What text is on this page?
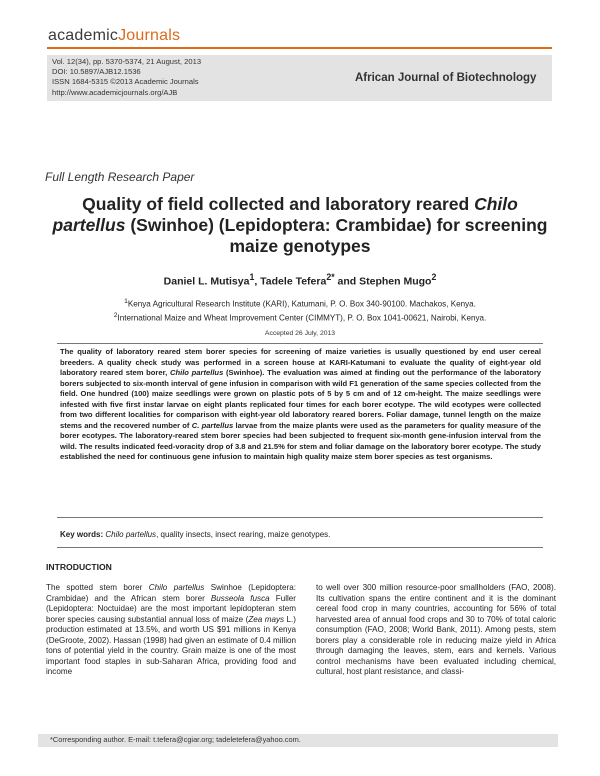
academicJournals
Vol. 12(34), pp. 5370-5374, 21 August, 2013
DOI: 10.5897/AJB12.1536
ISSN 1684-5315 ©2013 Academic Journals
http://www.academicjournals.org/AJB
African Journal of Biotechnology
Full Length Research Paper
Quality of field collected and laboratory reared Chilo partellus (Swinhoe) (Lepidoptera: Crambidae) for screening maize genotypes
Daniel L. Mutisya$^1$, Tadele Tefera$^{2*}$ and Stephen Mugo$^2$
$^1$Kenya Agricultural Research Institute (KARI), Katumani, P. O. Box 340-90100. Machakos, Kenya.
$^2$International Maize and Wheat Improvement Center (CIMMYT), P. O. Box 1041-00621, Nairobi, Kenya.
Accepted 26 July, 2013
The quality of laboratory reared stem borer species for screening of maize varieties is usually questioned by end user cereal breeders. A quality check study was performed in a screen house at KARI-Katumani to evaluate the quality of eight-year old laboratory reared stem borer, Chilo partellus (Swinhoe). The evaluation was aimed at finding out the performance of the laboratory borers subjected to six-month interval of gene infusion in comparison with wild F1 generation of the same species collected from the field. One hundred (100) maize seedlings were grown on plastic pots of 5 by 5 cm and of 12 cm-height. The maize seedlings were infested with five first instar larvae on eight plants replicated four times for each borer ecotype. The wild ecotypes were collected from two different localities for comparison with eight-year old laboratory reared borers. Foliar damage, tunnel length on the maize stems and the recovered number of C. partellus larvae from the maize plants were used as the parameters for quality measure of the borer ecotypes. The laboratory-reared stem borer species had been subjected to frequent six-month gene-infusion interval from the wild. The results indicated feed-voracity drop of 3.8 and 21.5% for stem and foliar damage on the laboratory borer ecotype. The study established the need for continuous gene infusion to maintain high quality maize stem borer species as test organisms.
Key words: Chilo partellus, quality insects, insect rearing, maize genotypes.
INTRODUCTION
The spotted stem borer Chilo partellus Swinhoe (Lepidoptera: Crambidae) and the African stem borer Busseola fusca Fuller (Lepidoptera: Noctuidae) are the most important lepidopteran stem borer species causing substantial annual loss of maize (Zea mays L.) production estimated at 13.5%, and worth US $91 millions in Kenya (DeGroote, 2002). Hassan (1998) had given an estimate of 0.4 million tons of potential yield in the country. Grain maize is one of the most important food staples in sub-Saharan Africa, providing food and income
to well over 300 million resource-poor smallholders (FAO, 2008). Its cultivation spans the entire continent and it is the dominant cereal food crop in many countries, accounting for 56% of total harvested area of annual food crops and 30 to 70% of total caloric consumption (FAO, 2008; World Bank, 2011). Among pests, stem borers play a considerable role in reducing maize yield in Africa through damaging the leaves, stem, ears and kernels. Various control mechanisms have been evaluated including chemical, cultural, host plant resistance, and classi-
*Corresponding author. E-mail: t.tefera@cgiar.org; tadeletefera@yahoo.com.
